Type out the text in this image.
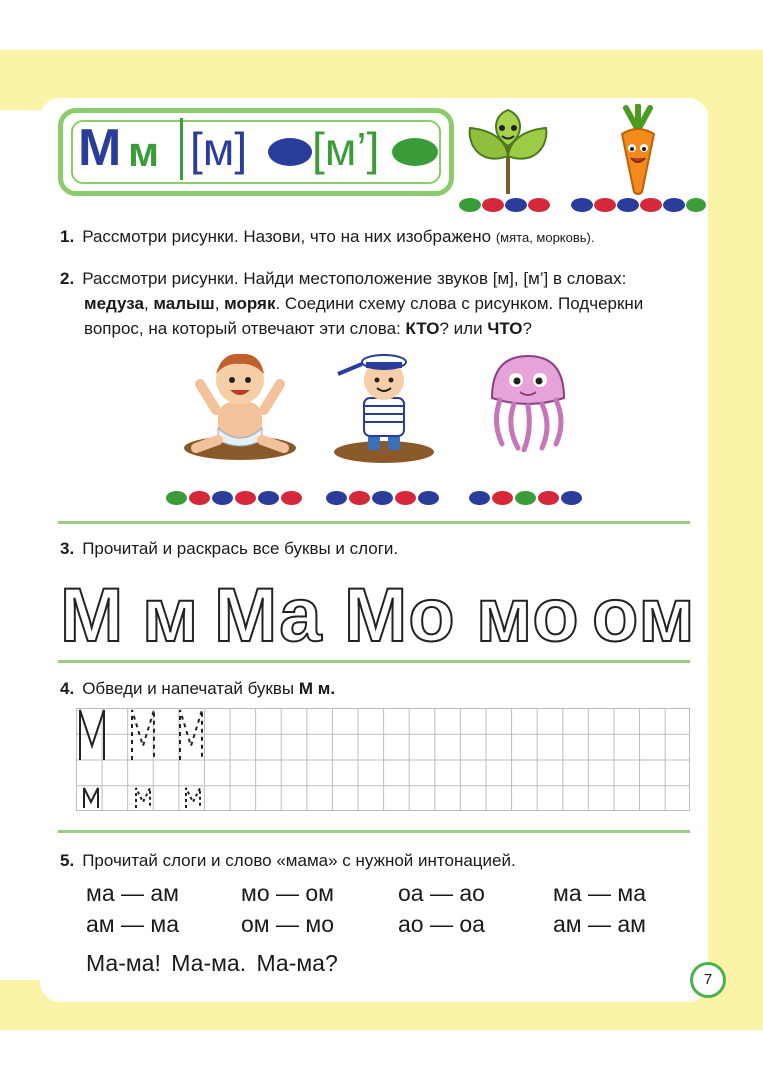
М м [м] [м’]
1. Рассмотри рисунки. Назови, что на них изображено (мята, морковь).
2. Рассмотри рисунки. Найди местоположение звуков [м], [м’] в словах:
медуза, малыш, моряк. Соедини схему слова с рисунком. Подчеркни
вопрос, на который отвечают эти слова: КТО? или ЧТО?
3. Прочитай и раскрась все буквы и слоги.
М м Ма Мо мо ом
4. Обведи и напечатай буквы М м.
5. Прочитай слоги и слово «мама» с нужной интонацией.
ма — ам	мо — ом	оа — ао	ма — ма
ам — ма	ом — мо	ао — оа	ам — ам
Ма-ма! Ма-ма. Ма-ма?
7
